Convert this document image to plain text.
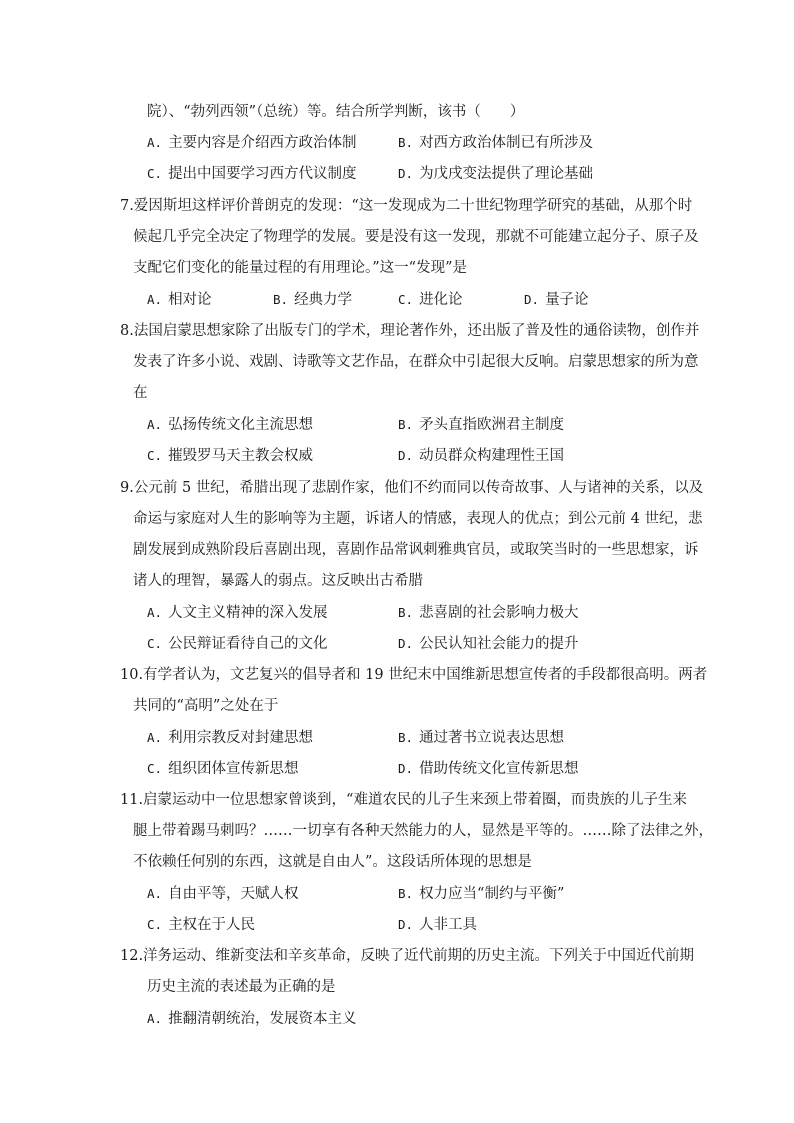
院）、“勃列西领”（总统）等。结合所学判断，该书（　　）
A. 主要内容是介绍西方政治体制	B. 对西方政治体制已有所涉及
C. 提出中国要学习西方代议制度	D. 为戊戌变法提供了理论基础
7.爱因斯坦这样评价普朗克的发现：“这一发现成为二十世纪物理学研究的基础，从那个时
候起几乎完全决定了物理学的发展。要是没有这一发现，那就不可能建立起分子、原子及
支配它们变化的能量过程的有用理论。”这一“发现”是
A. 相对论	B. 经典力学	C. 进化论	D. 量子论
8.法国启蒙思想家除了出版专门的学术，理论著作外，还出版了普及性的通俗读物，创作并
发表了许多小说、戏剧、诗歌等文艺作品，在群众中引起很大反响。启蒙思想家的所为意
在
A. 弘扬传统文化主流思想	B. 矛头直指欧洲君主制度
C. 摧毁罗马天主教会权威	D. 动员群众构建理性王国
9.公元前 5 世纪，希腊出现了悲剧作家，他们不约而同以传奇故事、人与诸神的关系，以及
命运与家庭对人生的影响等为主题，诉诸人的情感，表现人的优点；到公元前 4 世纪，悲
剧发展到成熟阶段后喜剧出现，喜剧作品常讽刺雅典官员，或取笑当时的一些思想家，诉
诸人的理智，暴露人的弱点。这反映出古希腊
A. 人文主义精神的深入发展	B. 悲喜剧的社会影响力极大
C. 公民辩证看待自己的文化	D. 公民认知社会能力的提升
10.有学者认为，文艺复兴的倡导者和 19 世纪末中国维新思想宣传者的手段都很高明。两者
共同的“高明”之处在于
A. 利用宗教反对封建思想	B. 通过著书立说表达思想
C. 组织团体宣传新思想	D. 借助传统文化宣传新思想
11.启蒙运动中一位思想家曾谈到，“难道农民的儿子生来颈上带着圈，而贵族的儿子生来
腿上带着踢马刺吗？……一切享有各种天然能力的人，显然是平等的。……除了法律之外，
不依赖任何别的东西，这就是自由人”。这段话所体现的思想是
A. 自由平等，天赋人权	B. 权力应当“制约与平衡”
C. 主权在于人民	D. 人非工具
12.洋务运动、维新变法和辛亥革命，反映了近代前期的历史主流。下列关于中国近代前期
历史主流的表述最为正确的是
A. 推翻清朝统治，发展资本主义
